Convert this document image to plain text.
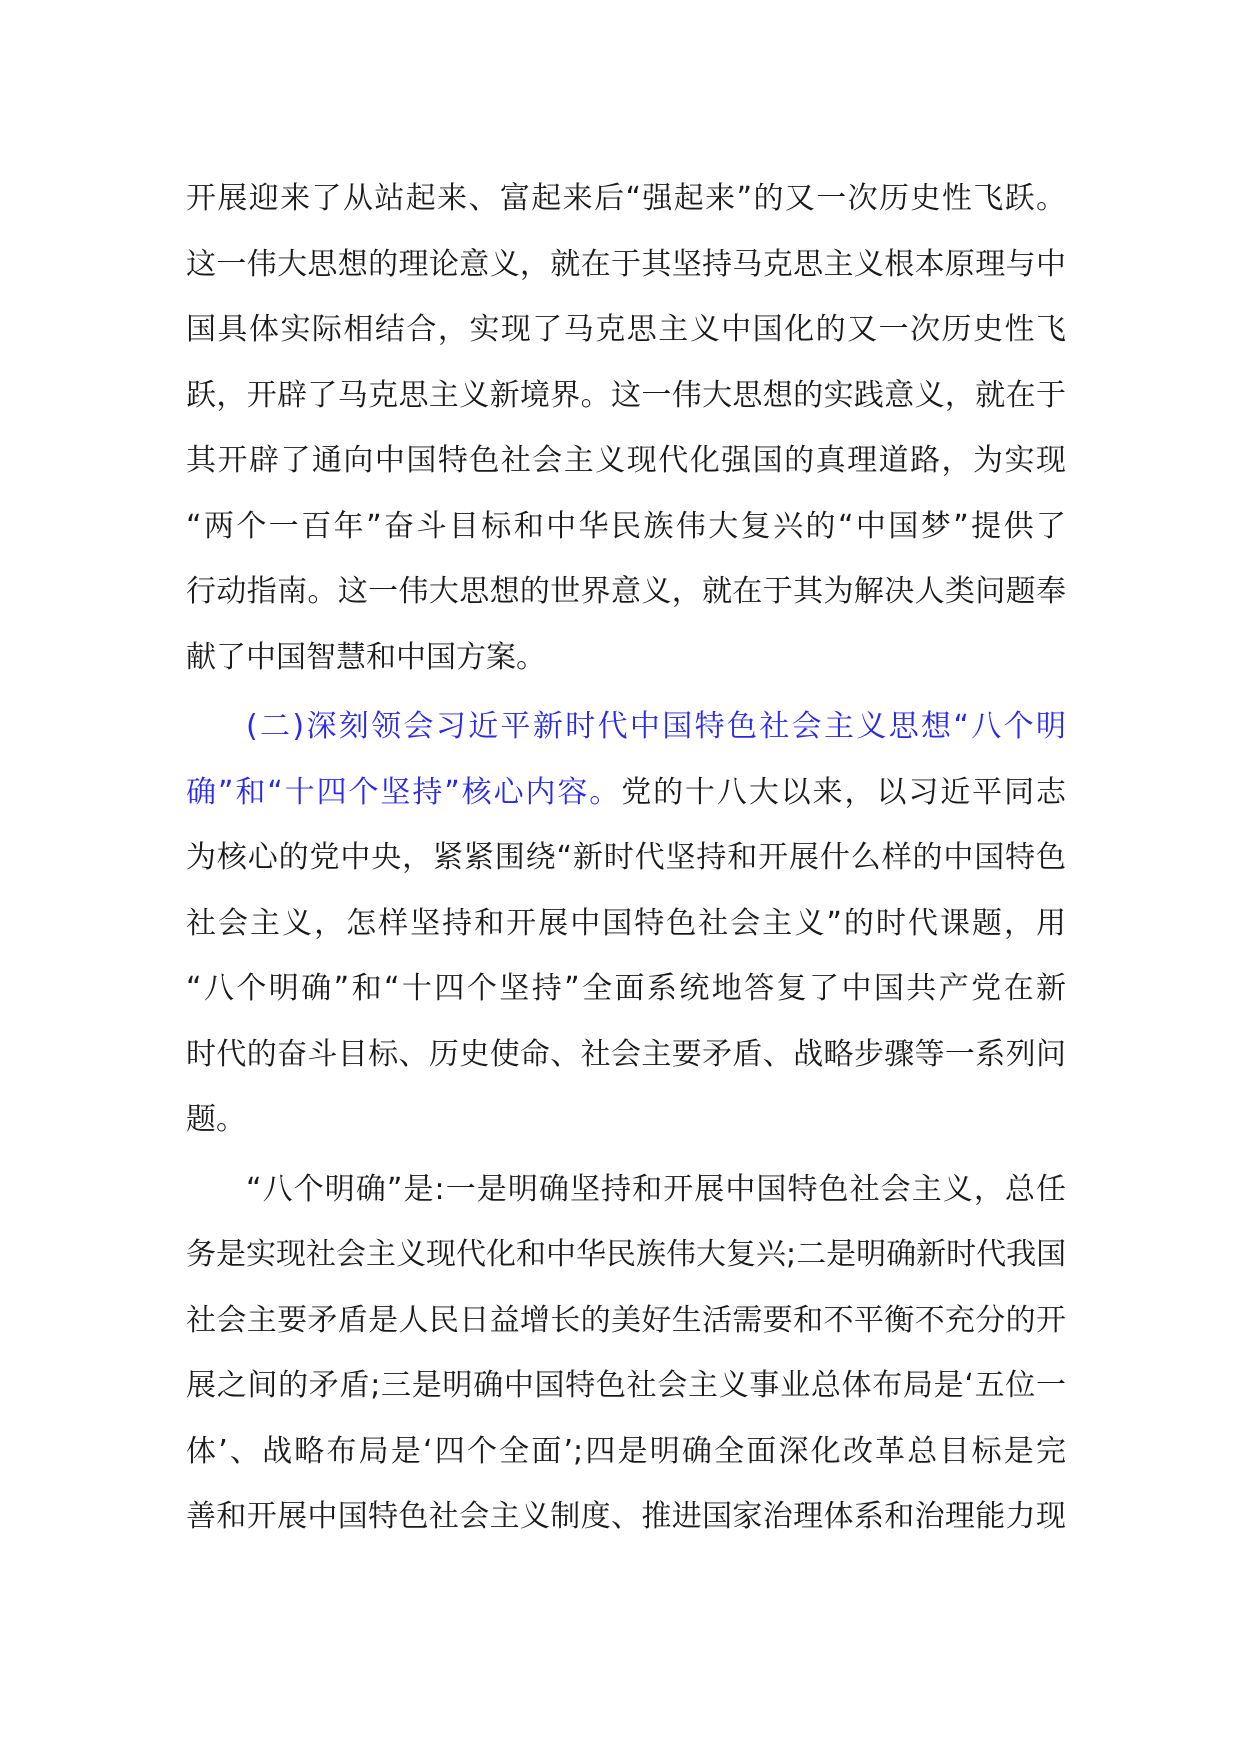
开展迎来了从站起来、富起来后“强起来”的又一次历史性飞跃。
这一伟大思想的理论意义，就在于其坚持马克思主义根本原理与中
国具体实际相结合，实现了马克思主义中国化的又一次历史性飞
跃，开辟了马克思主义新境界。这一伟大思想的实践意义，就在于
其开辟了通向中国特色社会主义现代化强国的真理道路，为实现
“两个一百年”奋斗目标和中华民族伟大复兴的“中国梦”提供了
行动指南。这一伟大思想的世界意义，就在于其为解决人类问题奉
献了中国智慧和中国方案。
(二)深刻领会习近平新时代中国特色社会主义思想“八个明
确”和“十四个坚持”核心内容。党的十八大以来，以习近平同志
为核心的党中央，紧紧围绕“新时代坚持和开展什么样的中国特色
社会主义，怎样坚持和开展中国特色社会主义”的时代课题，用
“八个明确”和“十四个坚持”全面系统地答复了中国共产党在新
时代的奋斗目标、历史使命、社会主要矛盾、战略步骤等一系列问
题。
“八个明确”是:一是明确坚持和开展中国特色社会主义，总任
务是实现社会主义现代化和中华民族伟大复兴;二是明确新时代我国
社会主要矛盾是人民日益增长的美好生活需要和不平衡不充分的开
展之间的矛盾;三是明确中国特色社会主义事业总体布局是‘五位一
体’、战略布局是‘四个全面’;四是明确全面深化改革总目标是完
善和开展中国特色社会主义制度、推进国家治理体系和治理能力现
